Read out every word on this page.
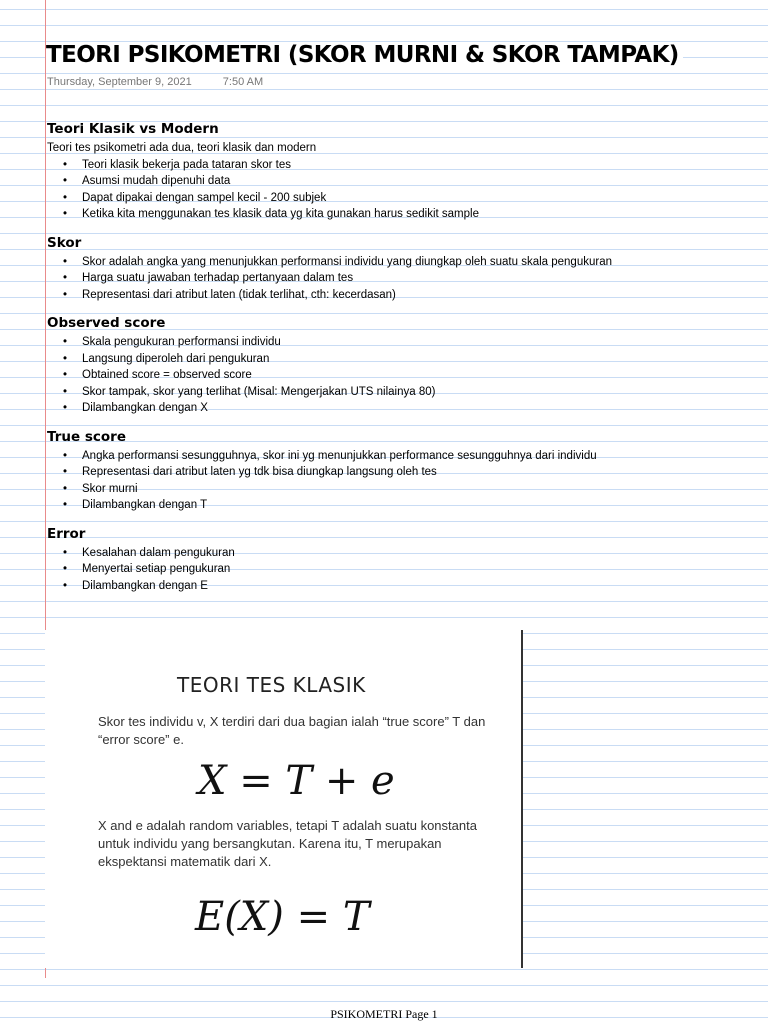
TEORI PSIKOMETRI (SKOR MURNI & SKOR TAMPAK)
Thursday, September 9, 2021	7:50 AM
Teori Klasik vs Modern
Teori tes psikometri ada dua, teori klasik dan modern
• Teori klasik bekerja pada tataran skor tes
• Asumsi mudah dipenuhi data
• Dapat dipakai dengan sampel kecil - 200 subjek
• Ketika kita menggunakan tes klasik data yg kita gunakan harus sedikit sample
Skor
• Skor adalah angka yang menunjukkan performansi individu yang diungkap oleh suatu skala pengukuran
• Harga suatu jawaban terhadap pertanyaan dalam tes
• Representasi dari atribut laten (tidak terlihat, cth: kecerdasan)
Observed score
• Skala pengukuran performansi individu
• Langsung diperoleh dari pengukuran
• Obtained score = observed score
• Skor tampak, skor yang terlihat (Misal: Mengerjakan UTS nilainya 80)
• Dilambangkan dengan X
True score
• Angka performansi sesungguhnya, skor ini yg menunjukkan performance sesungguhnya dari individu
• Representasi dari atribut laten yg tdk bisa diungkap langsung oleh tes
• Skor murni
• Dilambangkan dengan T
Error
• Kesalahan dalam pengukuran
• Menyertai setiap pengukuran
• Dilambangkan dengan E
TEORI TES KLASIK
Skor tes individu v, X terdiri dari dua bagian ialah “true score” T dan “error score” e.
X = T + e
X and e adalah random variables, tetapi T adalah suatu konstanta untuk individu yang bersangkutan. Karena itu, T merupakan ekspektansi matematik dari X.
E(X) = T
PSIKOMETRI Page 1
